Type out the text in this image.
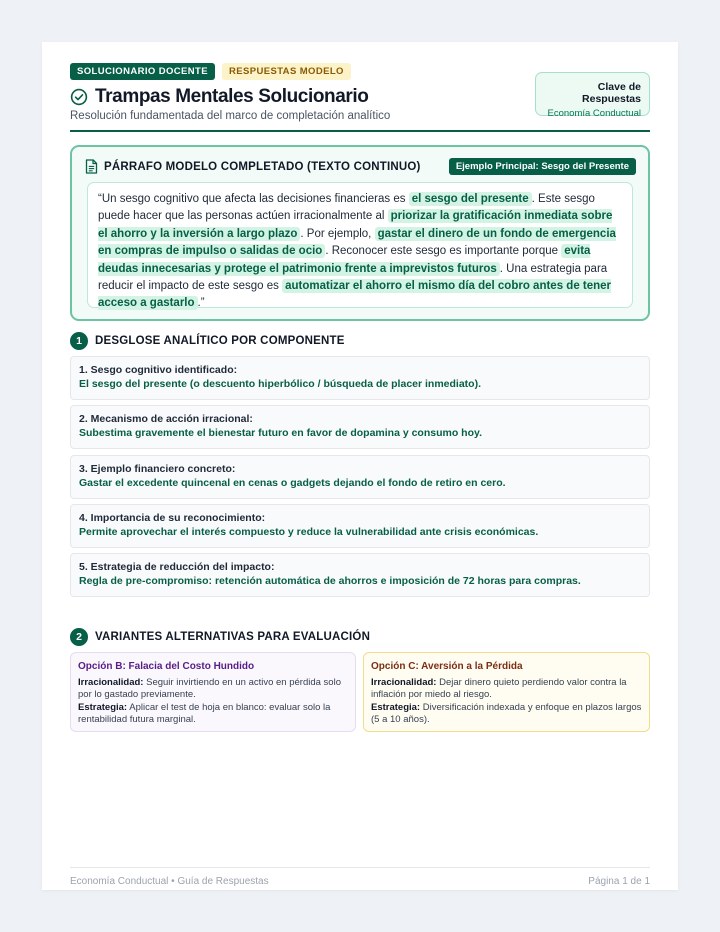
SOLUCIONARIO DOCENTE	RESPUESTAS MODELO
Trampas Mentales Solucionario
Resolución fundamentada del marco de completación analítico
Clave de Respuestas
Economía Conductual
PÁRRAFO MODELO COMPLETADO (TEXTO CONTINUO)	Ejemplo Principal: Sesgo del Presente
“Un sesgo cognitivo que afecta las decisiones financieras es el sesgo del presente . Este sesgo puede hacer que las personas actúen irracionalmente al priorizar la gratificación inmediata sobre el ahorro y la inversión a largo plazo . Por ejemplo, gastar el dinero de un fondo de emergencia en compras de impulso o salidas de ocio . Reconocer este sesgo es importante porque evita deudas innecesarias y protege el patrimonio frente a imprevistos futuros . Una estrategia para reducir el impacto de este sesgo es automatizar el ahorro el mismo día del cobro antes de tener acceso a gastarlo .”
1	DESGLOSE ANALÍTICO POR COMPONENTE
1. Sesgo cognitivo identificado:
El sesgo del presente (o descuento hiperbólico / búsqueda de placer inmediato).
2. Mecanismo de acción irracional:
Subestima gravemente el bienestar futuro en favor de dopamina y consumo hoy.
3. Ejemplo financiero concreto:
Gastar el excedente quincenal en cenas o gadgets dejando el fondo de retiro en cero.
4. Importancia de su reconocimiento:
Permite aprovechar el interés compuesto y reduce la vulnerabilidad ante crisis económicas.
5. Estrategia de reducción del impacto:
Regla de pre-compromiso: retención automática de ahorros e imposición de 72 horas para compras.
2	VARIANTES ALTERNATIVAS PARA EVALUACIÓN
Opción B: Falacia del Costo Hundido
Irracionalidad: Seguir invirtiendo en un activo en pérdida solo por lo gastado previamente.
Estrategia: Aplicar el test de hoja en blanco: evaluar solo la rentabilidad futura marginal.
Opción C: Aversión a la Pérdida
Irracionalidad: Dejar dinero quieto perdiendo valor contra la inflación por miedo al riesgo.
Estrategia: Diversificación indexada y enfoque en plazos largos (5 a 10 años).
Economía Conductual • Guía de Respuestas	Página 1 de 1
